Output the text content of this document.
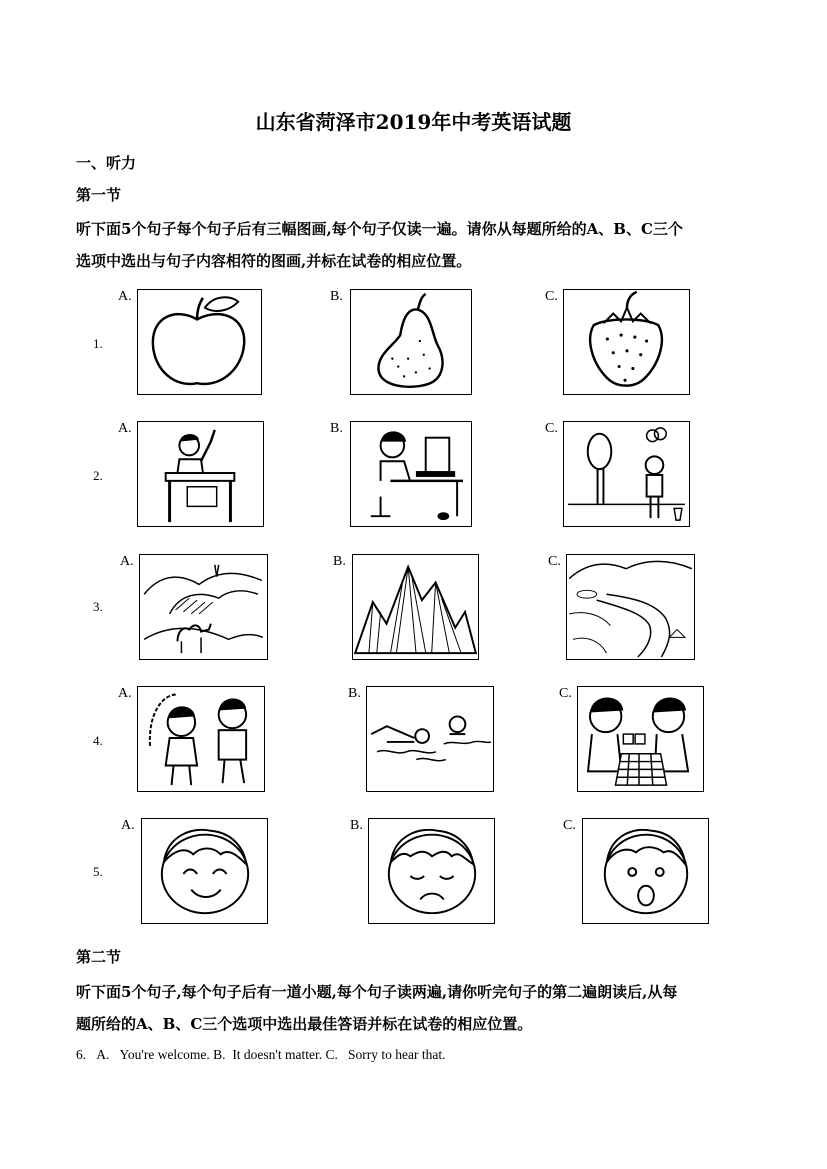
山东省菏泽市2019年中考英语试题
一、听力
第一节
听下面5个句子每个句子后有三幅图画,每个句子仅读一遍。请你从每题所给的A、B、C三个
选项中选出与句子内容相符的图画,并标在试卷的相应位置。
1.
A.	B.	C.
2.
A.	B.	C.
3.
A.	B.	C.
4.
A.	B.	C.
5.
A.	B.	C.
第二节
听下面5个句子,每个句子后有一道小题,每个句子读两遍,请你听完句子的第二遍朗读后,从每
题所给的A、B、C三个选项中选出最佳答语并标在试卷的相应位置。
6. A. You're welcome. B. It doesn't matter. C. Sorry to hear that.
